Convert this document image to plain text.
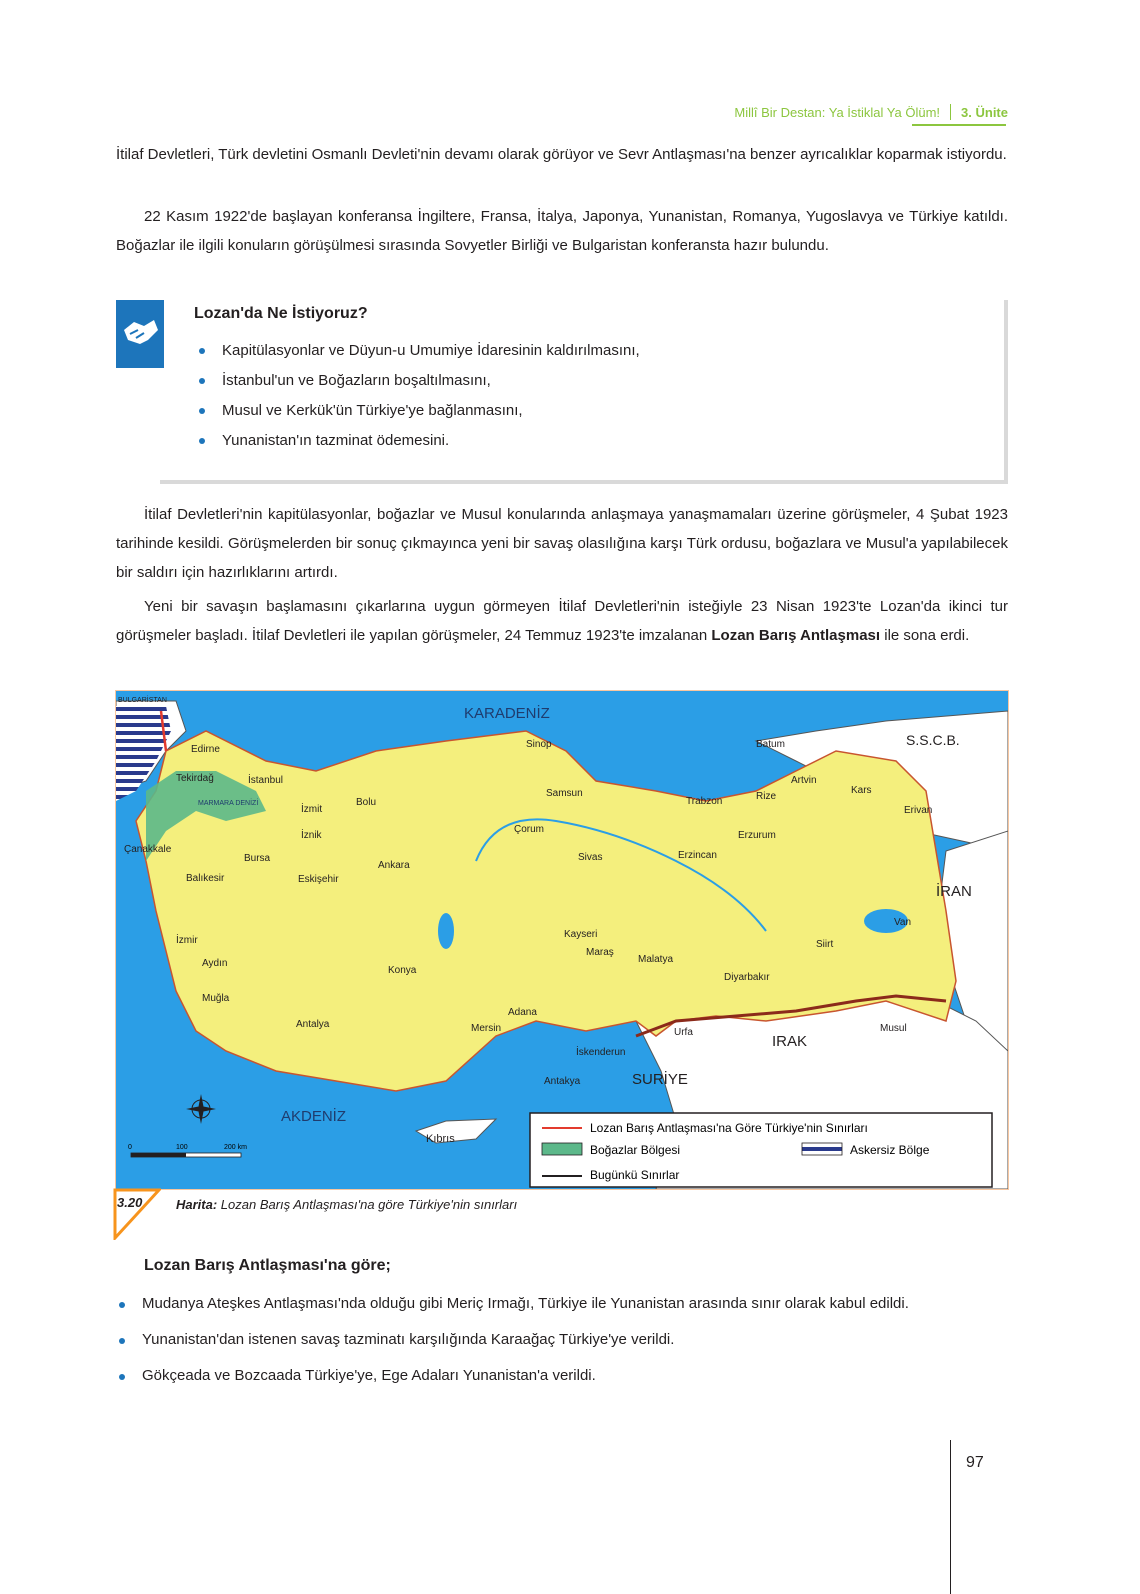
Millî Bir Destan: Ya İstiklal Ya Ölüm! 3. Ünite

İtilaf Devletleri, Türk devletini Osmanlı Devleti'nin devamı olarak görüyor ve Sevr Antlaşması'na benzer ayrıcalıklar koparmak istiyordu.

22 Kasım 1922'de başlayan konferansa İngiltere, Fransa, İtalya, Japonya, Yunanistan, Romanya, Yugoslavya ve Türkiye katıldı. Boğazlar ile ilgili konuların görüşülmesi sırasında Sovyetler Birliği ve Bulgaristan konferansta hazır bulundu.

Lozan'da Ne İstiyoruz?
Kapitülasyonlar ve Düyun-u Umumiye İdaresinin kaldırılmasını,
İstanbul'un ve Boğazların boşaltılmasını,
Musul ve Kerkük'ün Türkiye'ye bağlanmasını,
Yunanistan'ın tazminat ödemesini.

İtilaf Devletleri'nin kapitülasyonlar, boğazlar ve Musul konularında anlaşmaya yanaşmamaları üzerine görüşmeler, 4 Şubat 1923 tarihinde kesildi. Görüşmelerden bir sonuç çıkmayınca yeni bir savaş olasılığına karşı Türk ordusu, boğazlara ve Musul'a yapılabilecek bir saldırı için hazırlıklarını artırdı.

Yeni bir savaşın başlamasını çıkarlarına uygun görmeyen İtilaf Devletleri'nin isteğiyle 23 Nisan 1923'te Lozan'da ikinci tur görüşmeler başladı. İtilaf Devletleri ile yapılan görüşmeler, 24 Temmuz 1923'te imzalanan Lozan Barış Antlaşması ile sona erdi.

KARADENİZ
AKDENİZ
MARMARA DENİZİ
BULGARİSTAN
S.S.C.B.
İRAN
IRAK
SURİYE
Kıbrıs
Edirne
Tekirdağ	İstanbul
İzmit
İznik
Bolu
Sinop
Samsun
Batum
Artvin
Rize
Trabzon
Kars
Erivan
Çorum
Sivas	Erzincan
Erzurum
Çanakkale
Bursa
Balıkesir	Eskişehir
Ankara
İzmir
Aydın
Muğla
Konya
Antalya
Kayseri
Malatya
Maraş
Adana
Mersin	Urfa
Diyarbakır
Siirt
Van
Musul
İskenderun
Antakya
0	100	200 km
Lozan Barış Antlaşması'na Göre Türkiye'nin Sınırları
Boğazlar Bölgesi
Bugünkü Sınırlar
Askersiz Bölge
3.20	Harita: Lozan Barış Antlaşması'na göre Türkiye'nin sınırları
Lozan Barış Antlaşması'na göre;
Mudanya Ateşkes Antlaşması'nda olduğu gibi Meriç Irmağı, Türkiye ile Yunanistan arasında sınır olarak kabul edildi.
Yunanistan'dan istenen savaş tazminatı karşılığında Karaağaç Türkiye'ye verildi.
Gökçeada ve Bozcaada Türkiye'ye, Ege Adaları Yunanistan'a verildi.
97
